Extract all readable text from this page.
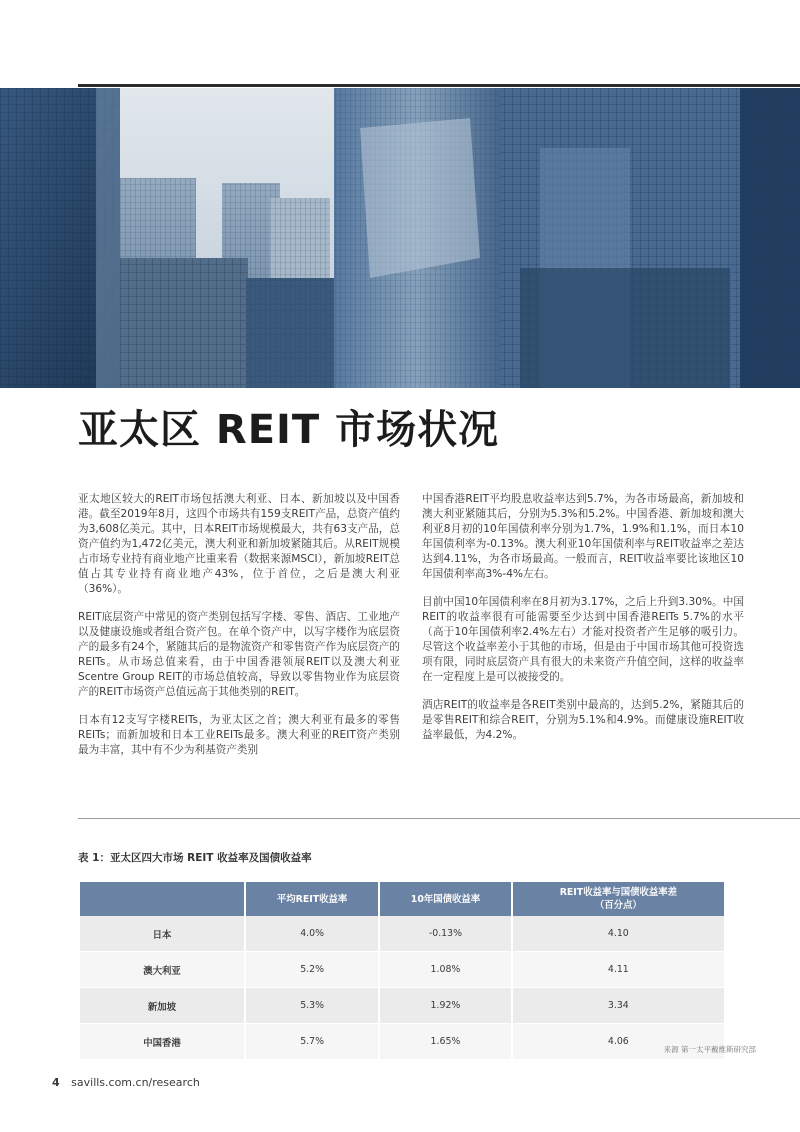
亚太区 REIT 市场状况

亚太地区较大的REIT市场包括澳大利亚、日本、新加坡以及中国香港。截至2019年8月，这四个市场共有159支REIT产品，总资产值约为3,608亿美元。其中，日本REIT市场规模最大，共有63支产品，总资产值约为1,472亿美元，澳大利亚和新加坡紧随其后。从REIT规模占市场专业持有商业地产比重来看（数据来源MSCI），新加坡REIT总值占其专业持有商业地产43%，位于首位，之后是澳大利亚（36%）。

REIT底层资产中常见的资产类别包括写字楼、零售、酒店、工业地产以及健康设施或者组合资产包。在单个资产中，以写字楼作为底层资产的最多有24个，紧随其后的是物流资产和零售资产作为底层资产的REITs。从市场总值来看，由于中国香港领展REIT以及澳大利亚Scentre Group REIT的市场总值较高，导致以零售物业作为底层资产的REIT市场资产总值远高于其他类别的REIT。

日本有12支写字楼REITs，为亚太区之首；澳大利亚有最多的零售REITs；而新加坡和日本工业REITs最多。澳大利亚的REIT资产类别最为丰富，其中有不少为利基资产类别

中国香港REIT平均股息收益率达到5.7%，为各市场最高，新加坡和澳大利亚紧随其后，分别为5.3%和5.2%。中国香港、新加坡和澳大利亚8月初的10年国债利率分别为1.7%，1.9%和1.1%，而日本10年国债利率为-0.13%。澳大利亚10年国债利率与REIT收益率之差达达到4.11%，为各市场最高。一般而言，REIT收益率要比该地区10年国债利率高3%-4%左右。

目前中国10年国债利率在8月初为3.17%，之后上升到3.30%。中国REIT的收益率很有可能需要至少达到中国香港REITs 5.7%的水平（高于10年国债利率2.4%左右）才能对投资者产生足够的吸引力。尽管这个收益率差小于其他的市场，但是由于中国市场其他可投资选项有限，同时底层资产具有很大的未来资产升值空间，这样的收益率在一定程度上是可以被接受的。

酒店REIT的收益率是各REIT类别中最高的，达到5.2%，紧随其后的是零售REIT和综合REIT，分别为5.1%和4.9%。而健康设施REIT收益率最低，为4.2%。

表 1：亚太区四大市场 REIT 收益率及国债收益率
	平均REIT收益率	10年国债收益率	REIT收益率与国债收益率差
（百分点）
日本	4.0%	-0.13%	4.10
澳大利亚	5.2%	1.08%	4.11
新加坡	5.3%	1.92%	3.34
中国香港	5.7%	1.65%	4.06
来源 第一太平戴维斯研究部
4 savills.com.cn/research
